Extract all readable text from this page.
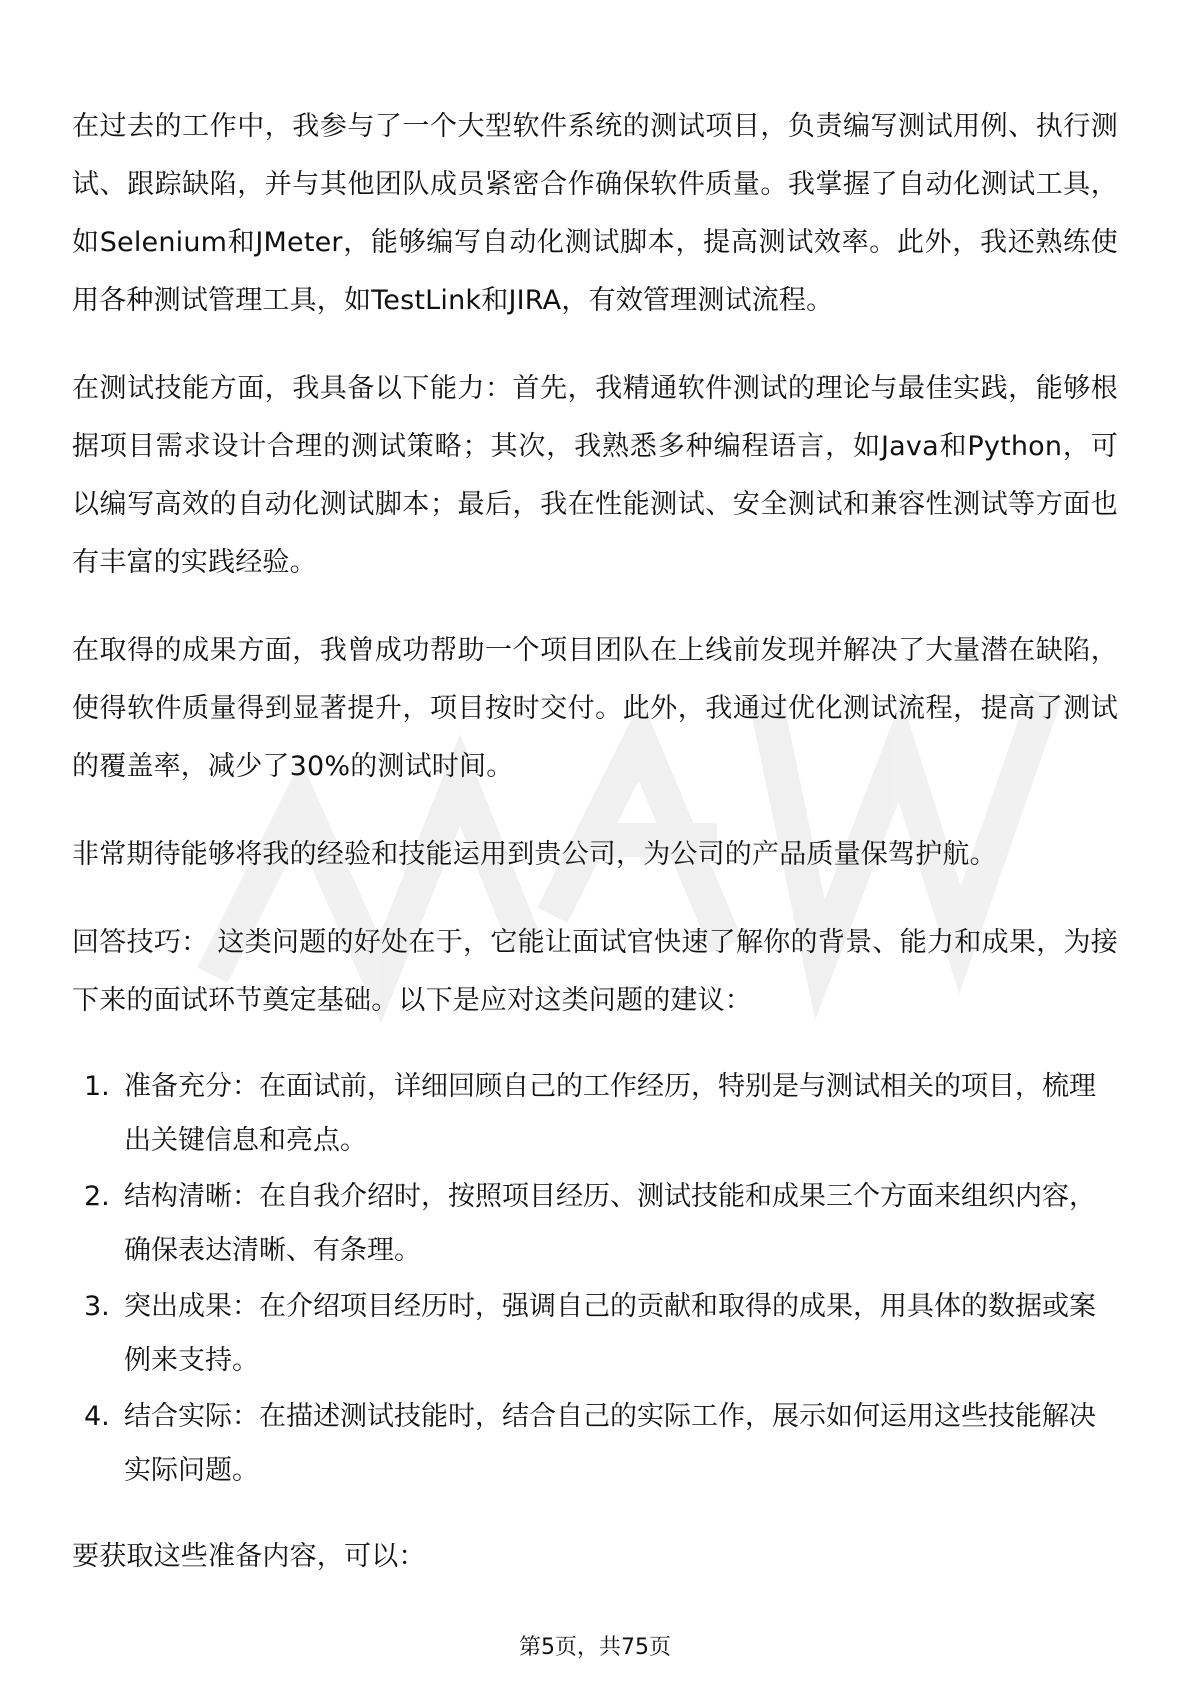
在过去的工作中，我参与了一个大型软件系统的测试项目，负责编写测试用例、执行测试、跟踪缺陷，并与其他团队成员紧密合作确保软件质量。我掌握了自动化测试工具，如Selenium和JMeter，能够编写自动化测试脚本，提高测试效率。此外，我还熟练使用各种测试管理工具，如TestLink和JIRA，有效管理测试流程。

在测试技能方面，我具备以下能力：首先，我精通软件测试的理论与最佳实践，能够根据项目需求设计合理的测试策略；其次，我熟悉多种编程语言，如Java和Python，可以编写高效的自动化测试脚本；最后，我在性能测试、安全测试和兼容性测试等方面也有丰富的实践经验。

在取得的成果方面，我曾成功帮助一个项目团队在上线前发现并解决了大量潜在缺陷，使得软件质量得到显著提升，项目按时交付。此外，我通过优化测试流程，提高了测试的覆盖率，减少了30%的测试时间。

非常期待能够将我的经验和技能运用到贵公司，为公司的产品质量保驾护航。

回答技巧： 这类问题的好处在于，它能让面试官快速了解你的背景、能力和成果，为接下来的面试环节奠定基础。以下是应对这类问题的建议：

1. 准备充分：在面试前，详细回顾自己的工作经历，特别是与测试相关的项目，梳理出关键信息和亮点。
2. 结构清晰：在自我介绍时，按照项目经历、测试技能和成果三个方面来组织内容，确保表达清晰、有条理。
3. 突出成果：在介绍项目经历时，强调自己的贡献和取得的成果，用具体的数据或案例来支持。
4. 结合实际：在描述测试技能时，结合自己的实际工作，展示如何运用这些技能解决实际问题。

要获取这些准备内容，可以：

第5页，共75页
